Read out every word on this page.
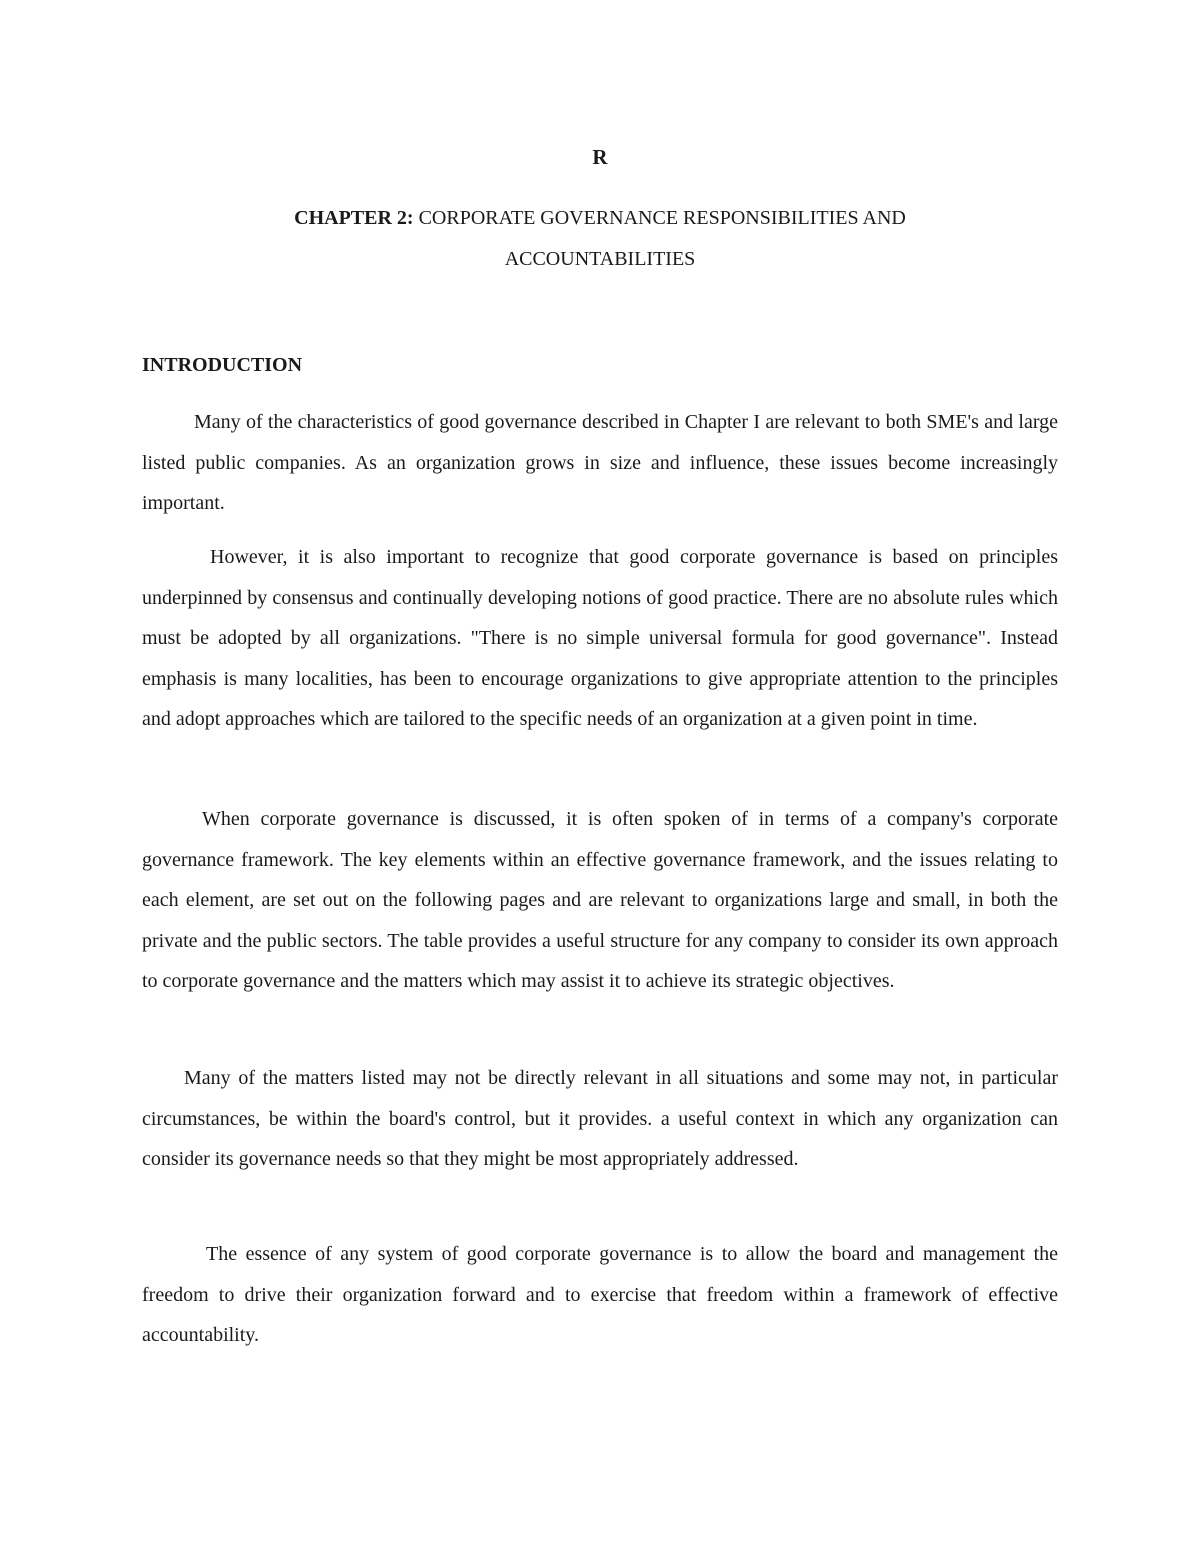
R

CHAPTER 2: CORPORATE GOVERNANCE RESPONSIBILITIES AND
ACCOUNTABILITIES
INTRODUCTION

Many of the characteristics of good governance described in Chapter I are relevant to both SME's and large listed public companies. As an organization grows in size and influence, these issues become increasingly important.

However, it is also important to recognize that good corporate governance is based on principles underpinned by consensus and continually developing notions of good practice. There are no absolute rules which must be adopted by all organizations. "There is no simple universal formula for good governance". Instead emphasis is many localities, has been to encourage organizations to give appropriate attention to the principles and adopt approaches which are tailored to the specific needs of an organization at a given point in time.

When corporate governance is discussed, it is often spoken of in terms of a company's corporate governance framework. The key elements within an effective governance framework, and the issues relating to each element, are set out on the following pages and are relevant to organizations large and small, in both the private and the public sectors. The table provides a useful structure for any company to consider its own approach to corporate governance and the matters which may assist it to achieve its strategic objectives.

Many of the matters listed may not be directly relevant in all situations and some may not, in particular circumstances, be within the board's control, but it provides. a useful context in which any organization can consider its governance needs so that they might be most appropriately addressed.

The essence of any system of good corporate governance is to allow the board and management the freedom to drive their organization forward and to exercise that freedom within a framework of effective accountability.
